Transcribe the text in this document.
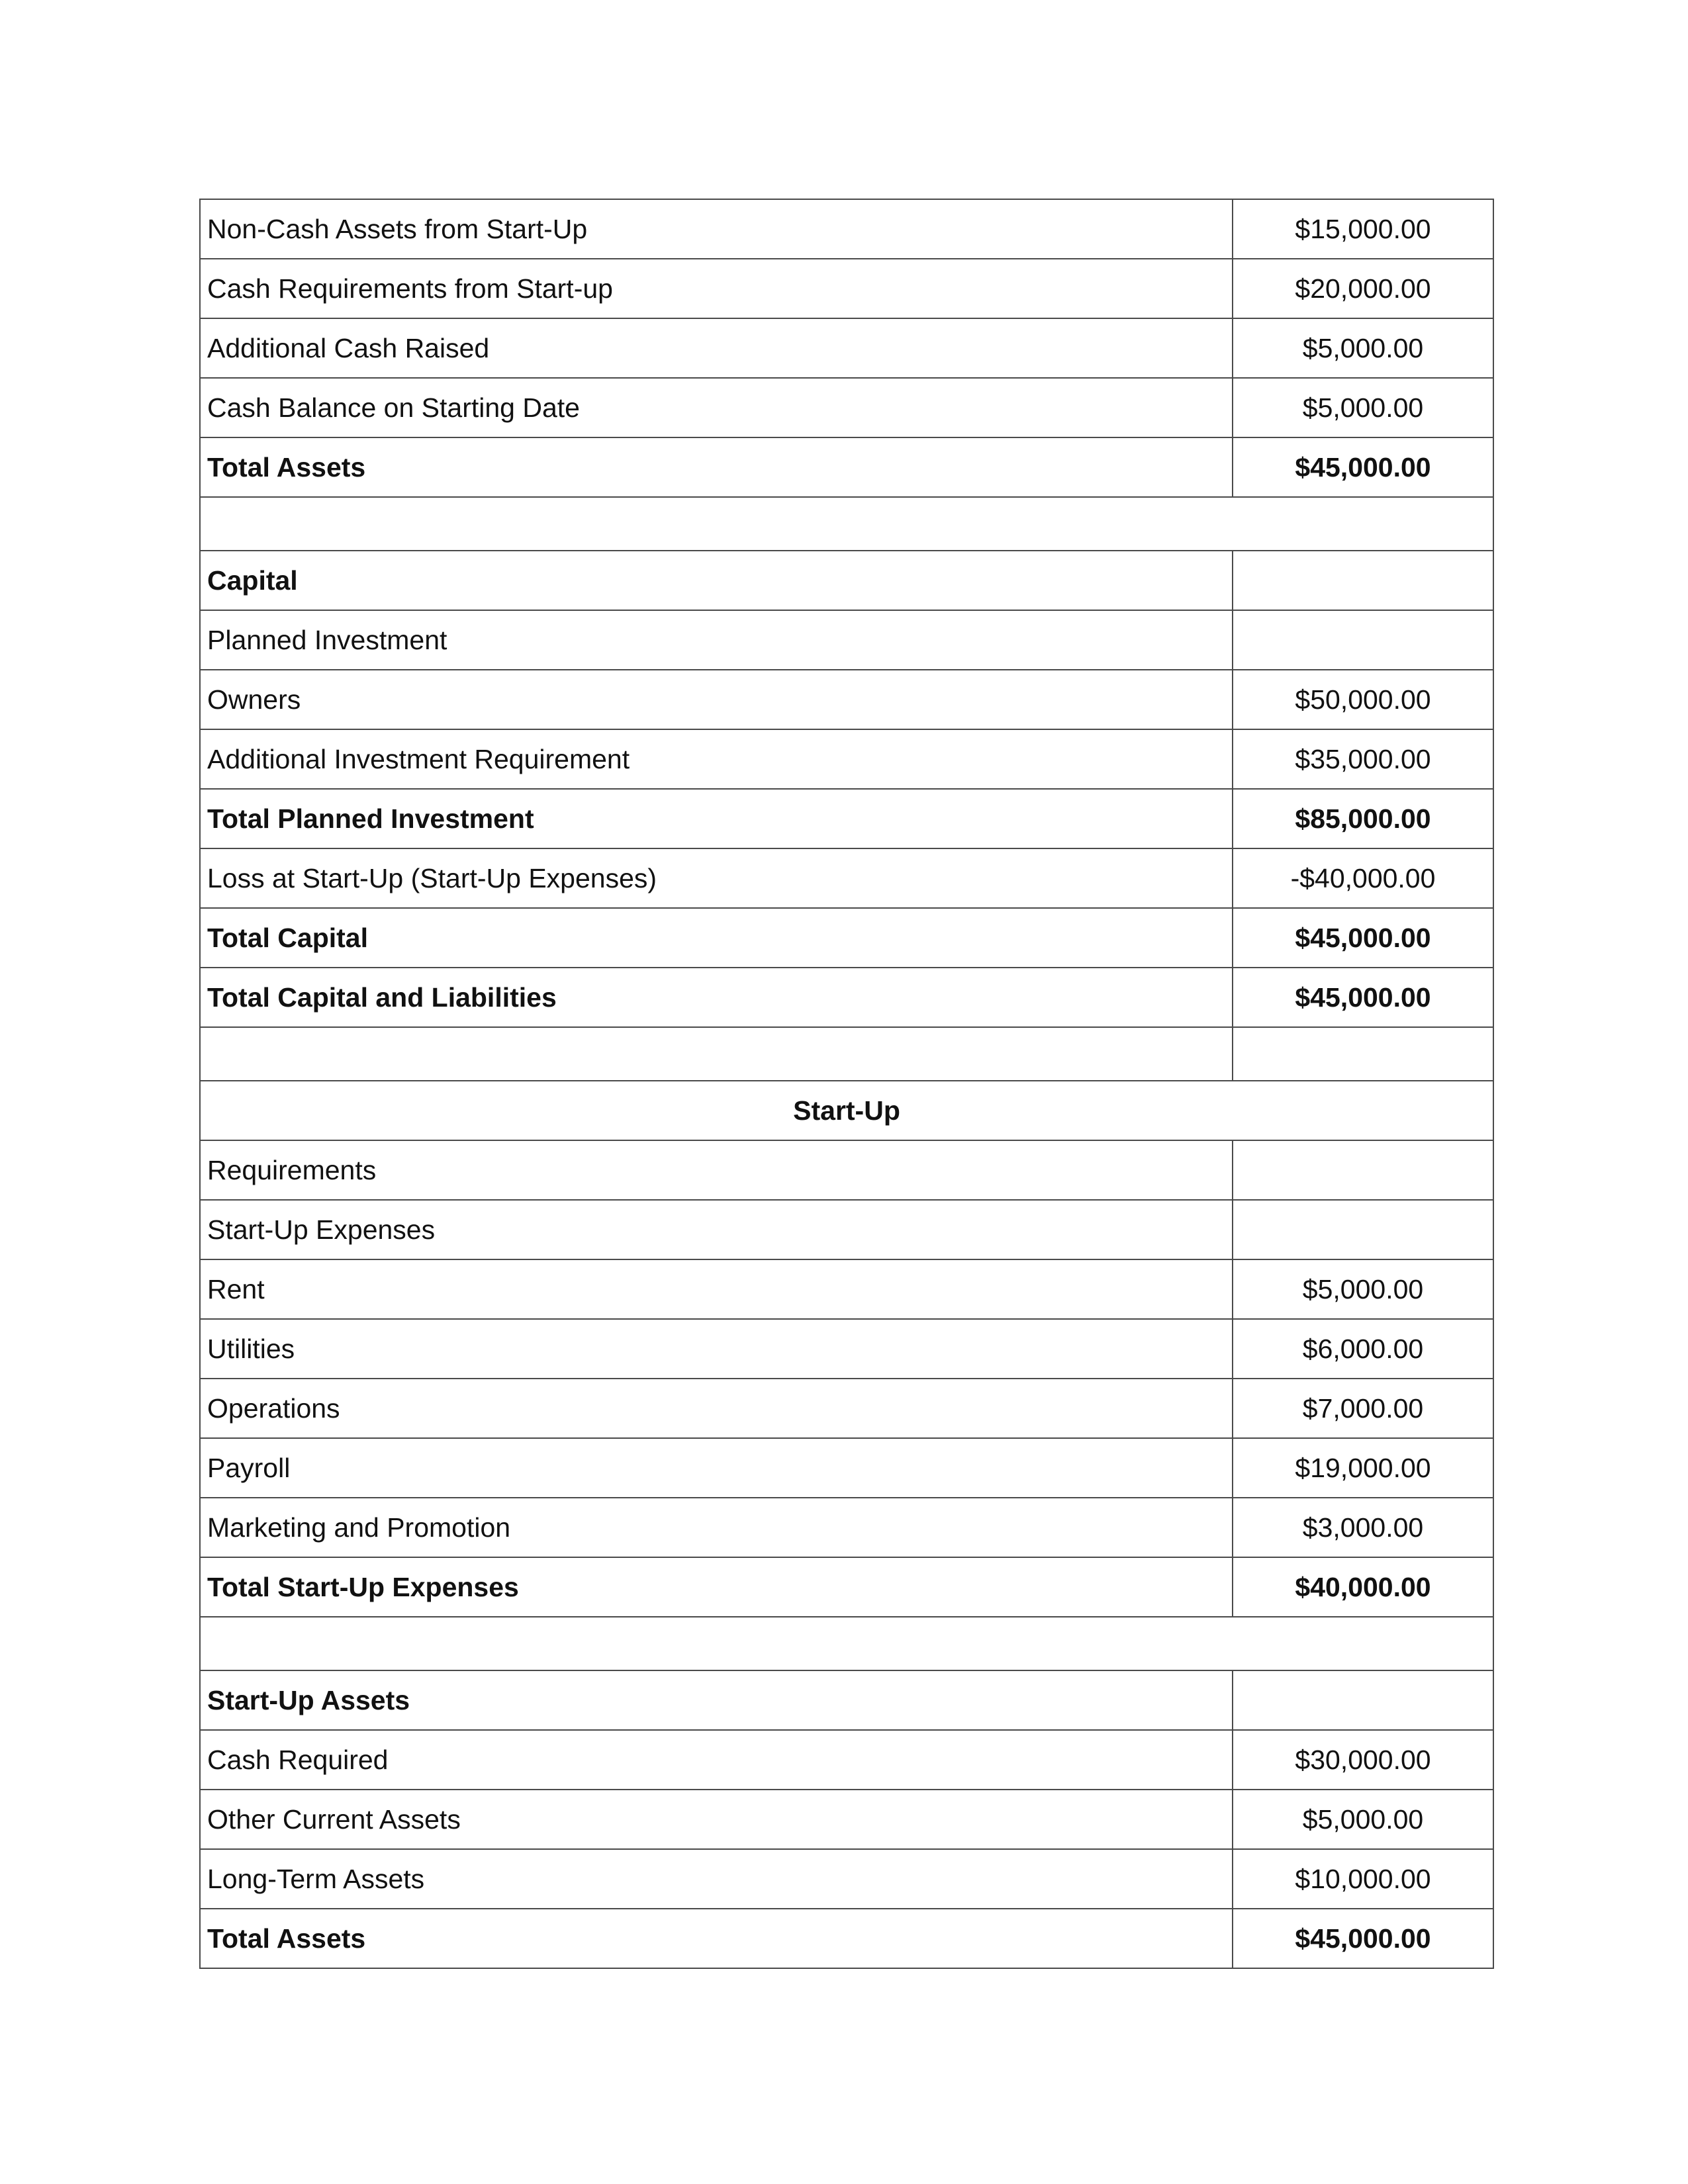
Non-Cash Assets from Start-Up	$15,000.00
Cash Requirements from Start-up	$20,000.00
Additional Cash Raised	$5,000.00
Cash Balance on Starting Date	$5,000.00
Total Assets	$45,000.00

Capital	
Planned Investment	
Owners	$50,000.00
Additional Investment Requirement	$35,000.00
Total Planned Investment	$85,000.00
Loss at Start-Up (Start-Up Expenses)	-$40,000.00
Total Capital	$45,000.00
Total Capital and Liabilities	$45,000.00

Start-Up	
Requirements	
Start-Up Expenses	
Rent	$5,000.00
Utilities	$6,000.00
Operations	$7,000.00
Payroll	$19,000.00
Marketing and Promotion	$3,000.00
Total Start-Up Expenses	$40,000.00

Start-Up Assets	
Cash Required	$30,000.00
Other Current Assets	$5,000.00
Long-Term Assets	$10,000.00
Total Assets	$45,000.00
